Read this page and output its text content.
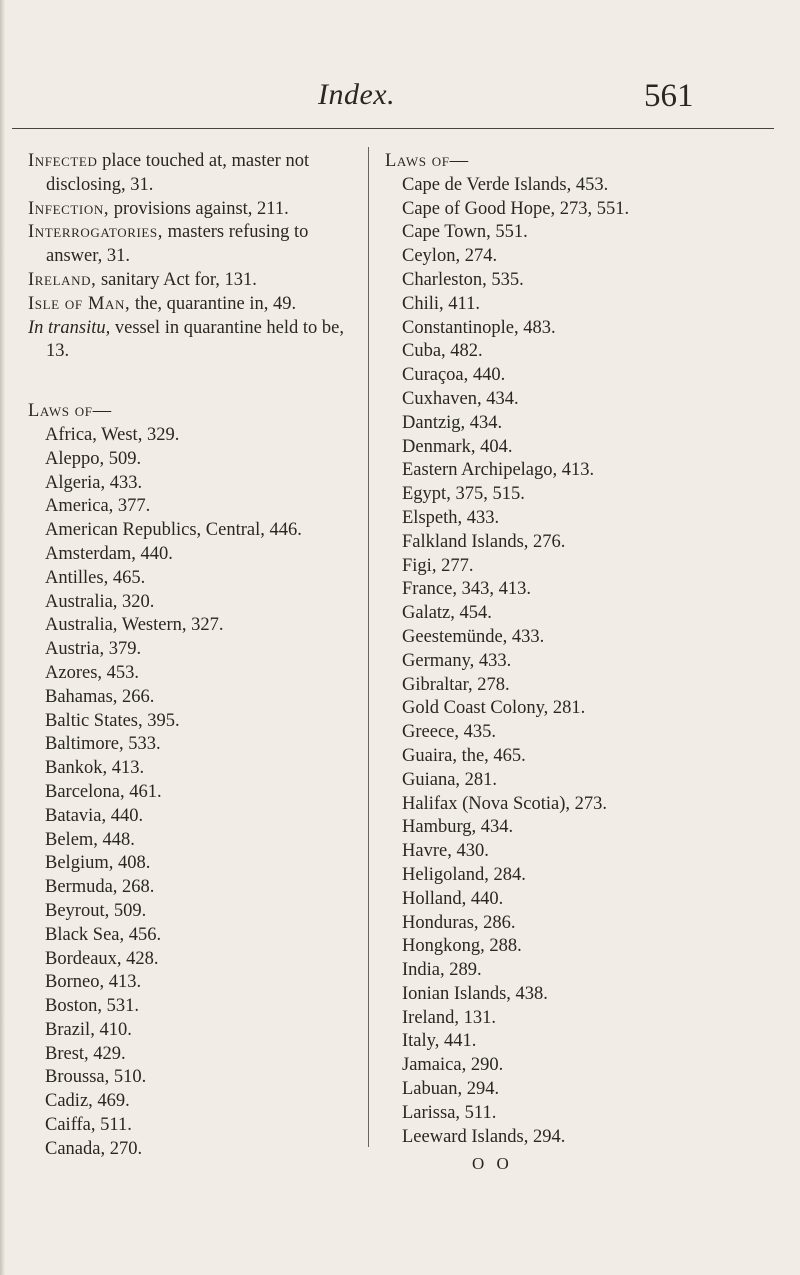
Index.	561
Infected place touched at, master not disclosing, 31.
Infection, provisions against, 211.
Interrogatories, masters refusing to answer, 31.
Ireland, sanitary Act for, 131.
Isle of Man, the, quarantine in, 49.
In transitu, vessel in quarantine held to be, 13.
Laws of—
Africa, West, 329.
Aleppo, 509.
Algeria, 433.
America, 377.
American Republics, Central, 446.
Amsterdam, 440.
Antilles, 465.
Australia, 320.
Australia, Western, 327.
Austria, 379.
Azores, 453.
Bahamas, 266.
Baltic States, 395.
Baltimore, 533.
Bankok, 413.
Barcelona, 461.
Batavia, 440.
Belem, 448.
Belgium, 408.
Bermuda, 268.
Beyrout, 509.
Black Sea, 456.
Bordeaux, 428.
Borneo, 413.
Boston, 531.
Brazil, 410.
Brest, 429.
Broussa, 510.
Cadiz, 469.
Caiffa, 511.
Canada, 270.
Laws of—
Cape de Verde Islands, 453.
Cape of Good Hope, 273, 551.
Cape Town, 551.
Ceylon, 274.
Charleston, 535.
Chili, 411.
Constantinople, 483.
Cuba, 482.
Curaçoa, 440.
Cuxhaven, 434.
Dantzig, 434.
Denmark, 404.
Eastern Archipelago, 413.
Egypt, 375, 515.
Elspeth, 433.
Falkland Islands, 276.
Figi, 277.
France, 343, 413.
Galatz, 454.
Geestemünde, 433.
Germany, 433.
Gibraltar, 278.
Gold Coast Colony, 281.
Greece, 435.
Guaira, the, 465.
Guiana, 281.
Halifax (Nova Scotia), 273.
Hamburg, 434.
Havre, 430.
Heligoland, 284.
Holland, 440.
Honduras, 286.
Hongkong, 288.
India, 289.
Ionian Islands, 438.
Ireland, 131.
Italy, 441.
Jamaica, 290.
Labuan, 294.
Larissa, 511.
Leeward Islands, 294.
O O
